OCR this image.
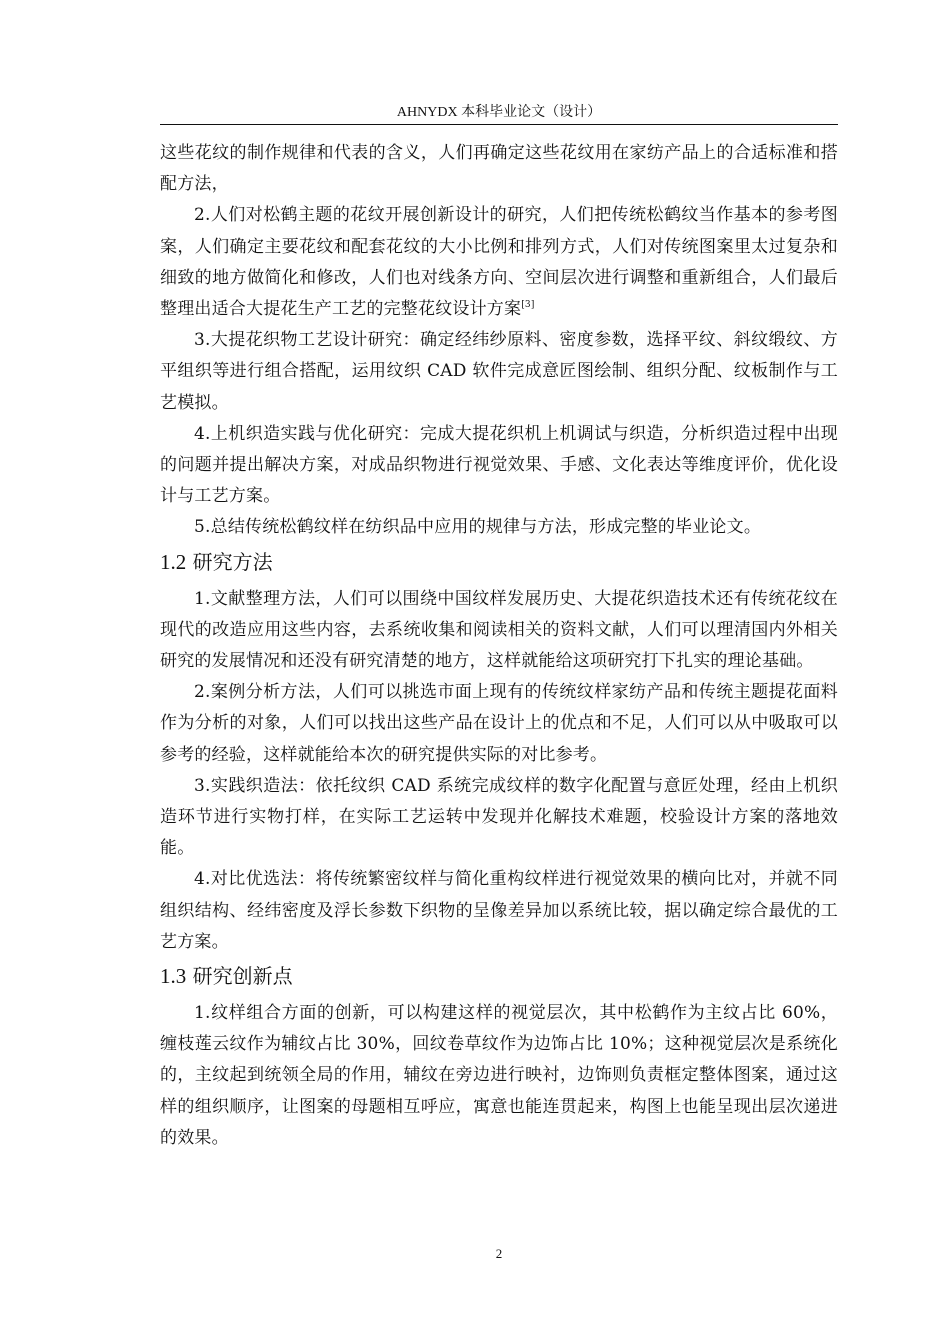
AHNYDX 本科毕业论文（设计）

这些花纹的制作规律和代表的含义，人们再确定这些花纹用在家纺产品上的合适标准和搭配方法，

2.人们对松鹤主题的花纹开展创新设计的研究，人们把传统松鹤纹当作基本的参考图案，人们确定主要花纹和配套花纹的大小比例和排列方式，人们对传统图案里太过复杂和细致的地方做简化和修改，人们也对线条方向、空间层次进行调整和重新组合，人们最后整理出适合大提花生产工艺的完整花纹设计方案[3]

3.大提花织物工艺设计研究：确定经纬纱原料、密度参数，选择平纹、斜纹缎纹、方平组织等进行组合搭配，运用纹织 CAD 软件完成意匠图绘制、组织分配、纹板制作与工艺模拟。

4.上机织造实践与优化研究：完成大提花织机上机调试与织造，分析织造过程中出现的问题并提出解决方案，对成品织物进行视觉效果、手感、文化表达等维度评价，优化设计与工艺方案。

5.总结传统松鹤纹样在纺织品中应用的规律与方法，形成完整的毕业论文。

1.2 研究方法

1.文献整理方法，人们可以围绕中国纹样发展历史、大提花织造技术还有传统花纹在现代的改造应用这些内容，去系统收集和阅读相关的资料文献，人们可以理清国内外相关研究的发展情况和还没有研究清楚的地方，这样就能给这项研究打下扎实的理论基础。

2.案例分析方法，人们可以挑选市面上现有的传统纹样家纺产品和传统主题提花面料作为分析的对象，人们可以找出这些产品在设计上的优点和不足，人们可以从中吸取可以参考的经验，这样就能给本次的研究提供实际的对比参考。

3.实践织造法：依托纹织 CAD 系统完成纹样的数字化配置与意匠处理，经由上机织造环节进行实物打样，在实际工艺运转中发现并化解技术难题，校验设计方案的落地效能。

4.对比优选法：将传统繁密纹样与简化重构纹样进行视觉效果的横向比对，并就不同组织结构、经纬密度及浮长参数下织物的呈像差异加以系统比较，据以确定综合最优的工艺方案。

1.3 研究创新点

1.纹样组合方面的创新，可以构建这样的视觉层次，其中松鹤作为主纹占比 60%，缠枝莲云纹作为辅纹占比 30%，回纹卷草纹作为边饰占比 10%；这种视觉层次是系统化的，主纹起到统领全局的作用，辅纹在旁边进行映衬，边饰则负责框定整体图案，通过这样的组织顺序，让图案的母题相互呼应，寓意也能连贯起来，构图上也能呈现出层次递进的效果。

2
